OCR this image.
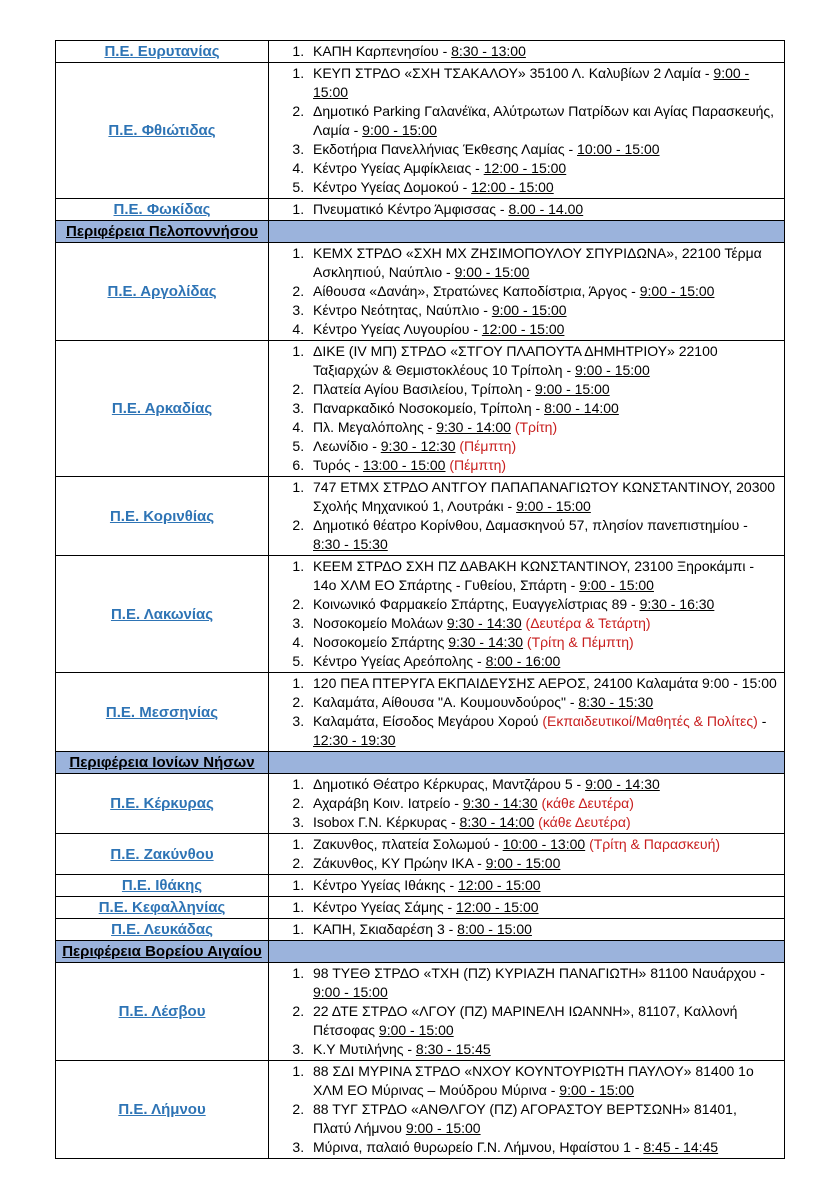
Π.Ε. Ευρυτανίας	
1.ΚΑΠΗ Καρπενησίου - 8:30 - 13:00

Π.Ε. Φθιώτιδας	
1. ΚΕΥΠ ΣΤΡΔΟ «ΣΧΗ ΤΣΑΚΑΛΟΥ» 35100 Λ. Καλυβίων 2 Λαμία - 9:00 - 15:00
2. Δημοτικό Parking Γαλανέϊκα, Αλύτρωτων Πατρίδων και Αγίας Παρασκευής, Λαμία - 9:00 - 15:00
3. Εκδοτήρια Πανελλήνιας Έκθεσης Λαμίας - 10:00 - 15:00
4. Κέντρο Υγείας Αμφίκλειας - 12:00 - 15:00
5. Κέντρο Υγείας Δομοκού - 12:00 - 15:00

Π.Ε. Φωκίδας	
1.Πνευματικό Κέντρο Άμφισσας - 8.00 - 14.00

Περιφέρεια Πελοποννήσου	
Π.Ε. Αργολίδας	
1. ΚΕΜΧ ΣΤΡΔΟ «ΣΧΗ ΜΧ ΖΗΣΙΜΟΠΟΥΛΟΥ ΣΠΥΡΙΔΩΝΑ», 22100 Τέρμα Ασκληπιού, Ναύπλιο - 9:00 - 15:00
2. Αίθουσα «Δανάη», Στρατώνες Καποδίστρια, Άργος - 9:00 - 15:00
3. Κέντρο Νεότητας, Ναύπλιο - 9:00 - 15:00
4. Κέντρο Υγείας Λυγουρίου - 12:00 - 15:00

Π.Ε. Αρκαδίας	
1. ΔΙΚΕ (IV ΜΠ) ΣΤΡΔΟ «ΣΤΓΟΥ ΠΛΑΠΟΥΤΑ ΔΗΜΗΤΡΙΟΥ» 22100 Ταξιαρχών & Θεμιστοκλέους 10 Τρίπολη - 9:00 - 15:00
2. Πλατεία Αγίου Βασιλείου, Τρίπολη - 9:00 - 15:00
3. Παναρκαδικό Νοσοκομείο, Τρίπολη - 8:00 - 14:00
4. Πλ. Μεγαλόπολης - 9:30 - 14:00 (Τρίτη)
5. Λεωνίδιο - 9:30 - 12:30 (Πέμπτη)
6. Τυρός - 13:00 - 15:00 (Πέμπτη)

Π.Ε. Κορινθίας	
1. 747 ΕΤΜΧ ΣΤΡΔΟ ΑΝΤΓΟΥ ΠΑΠΑΠΑΝΑΓΙΩΤΟΥ ΚΩΝΣΤΑΝΤΙΝΟΥ, 20300 Σχολής Μηχανικού 1, Λουτράκι - 9:00 - 15:00
2. Δημοτικό θέατρο Κορίνθου, Δαμασκηνού 57, πλησίον πανεπιστημίου - 8:30 - 15:30

Π.Ε. Λακωνίας	
1. ΚΕΕΜ ΣΤΡΔΟ ΣΧΗ ΠΖ ΔΑΒΑΚΗ ΚΩΝΣΤΑΝΤΙΝΟΥ, 23100 Ξηροκάμπι - 14ο ΧΛΜ ΕΟ Σπάρτης - Γυθείου, Σπάρτη - 9:00 - 15:00
2. Κοινωνικό Φαρμακείο Σπάρτης, Ευαγγελίστριας 89 - 9:30 - 16:30
3. Νοσοκομείο Μολάων 9:30 - 14:30 (Δευτέρα & Τετάρτη)
4. Νοσοκομείο Σπάρτης 9:30 - 14:30 (Τρίτη & Πέμπτη)
5. Κέντρο Υγείας Αρεόπολης - 8:00 - 16:00

Π.Ε. Μεσσηνίας	
1. 120 ΠΕΑ ΠΤΕΡΥΓΑ ΕΚΠΑΙΔΕΥΣΗΣ ΑΕΡΟΣ, 24100 Καλαμάτα 9:00 - 15:00
2. Καλαμάτα, Αίθουσα "Α. Κουμουνδούρος" - 8:30 - 15:30
3. Καλαμάτα, Είσοδος Μεγάρου Χορού (Εκπαιδευτικοί/Μαθητές & Πολίτες) - 12:30 - 19:30

Περιφέρεια Ιονίων Νήσων	
Π.Ε. Κέρκυρας	
1. Δημοτικό Θέατρο Κέρκυρας, Μαντζάρου 5 - 9:00 - 14:30
2. Αχαράβη Κοιν. Ιατρείο - 9:30 - 14:30 (κάθε Δευτέρα)
3. Isobox Γ.Ν. Κέρκυρας - 8:30 - 14:00 (κάθε Δευτέρα)

Π.Ε. Ζακύνθου	
1. Ζακυνθος, πλατεία Σολωμού - 10:00 - 13:00 (Τρίτη & Παρασκευή)
2. Ζάκυνθος, ΚΥ Πρώην ΙΚΑ - 9:00 - 15:00

Π.Ε. Ιθάκης	
1.Κέντρο Υγείας Ιθάκης - 12:00 - 15:00

Π.Ε. Κεφαλληνίας	
1.Κέντρο Υγείας Σάμης - 12:00 - 15:00

Π.Ε. Λευκάδας	
1.ΚΑΠΗ, Σκιαδαρέση 3 - 8:00 - 15:00

Περιφέρεια Βορείου Αιγαίου	
Π.Ε. Λέσβου	
1. 98 ΤΥΕΘ ΣΤΡΔΟ «ΤΧΗ (ΠΖ) ΚΥΡΙΑΖΗ ΠΑΝΑΓΙΩΤΗ» 81100 Ναυάρχου - 9:00 - 15:00
2. 22 ΔΤΕ ΣΤΡΔΟ «ΛΓΟΥ (ΠΖ) ΜΑΡΙΝΕΛΗ ΙΩΑΝΝΗ», 81107, Καλλονή Πέτσοφας 9:00 - 15:00
3. Κ.Υ Μυτιλήνης - 8:30 - 15:45

Π.Ε. Λήμνου	
1. 88 ΣΔΙ ΜΥΡΙΝΑ ΣΤΡΔΟ «ΝΧΟΥ ΚΟΥΝΤΟΥΡΙΩΤΗ ΠΑΥΛΟΥ» 81400 1ο ΧΛΜ ΕΟ Μύρινας – Μούδρου Μύρινα - 9:00 - 15:00
2. 88 ΤΥΓ ΣΤΡΔΟ «ΑΝΘΛΓΟΥ (ΠΖ) ΑΓΟΡΑΣΤΟΥ ΒΕΡΤΣΩΝΗ» 81401, Πλατύ Λήμνου 9:00 - 15:00
3. Μύρινα, παλαιό θυρωρείο Γ.Ν. Λήμνου, Ηφαίστου 1 - 8:45 - 14:45
